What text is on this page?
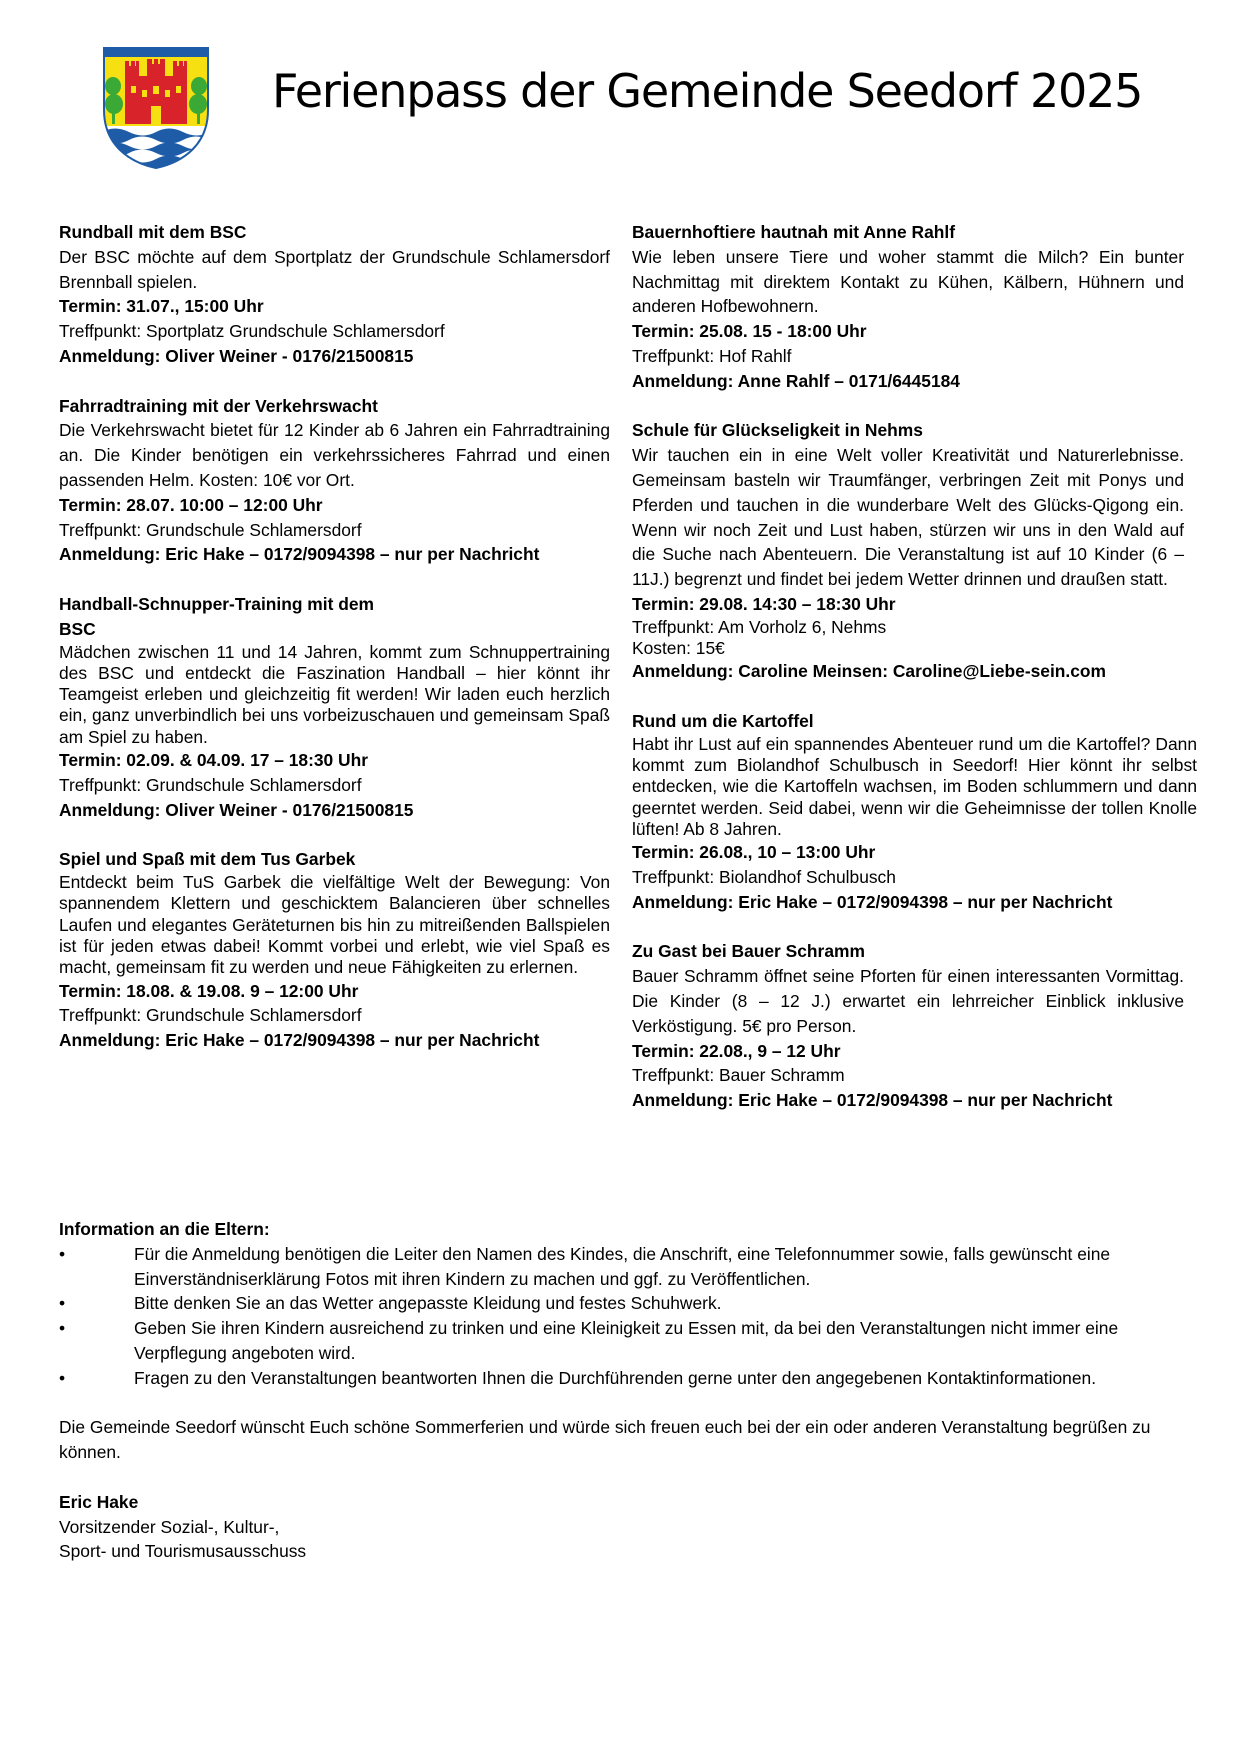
Ferienpass der Gemeinde Seedorf 2025
Rundball mit dem BSC
Der BSC möchte auf dem Sportplatz der Grundschule Schlamersdorf Brennball spielen.
Termin: 31.07., 15:00 Uhr
Treffpunkt: Sportplatz Grundschule Schlamersdorf
Anmeldung: Oliver Weiner - 0176/21500815
Fahrradtraining mit der Verkehrswacht
Die Verkehrswacht bietet für 12 Kinder ab 6 Jahren ein Fahrradtraining an. Die Kinder benötigen ein verkehrssicheres Fahrrad und einen passenden Helm. Kosten: 10€ vor Ort.
Termin: 28.07. 10:00 – 12:00 Uhr
Treffpunkt: Grundschule Schlamersdorf
Anmeldung: Eric Hake – 0172/9094398 – nur per Nachricht
Handball-Schnupper-Training mit dem BSC
Mädchen zwischen 11 und 14 Jahren, kommt zum Schnuppertraining des BSC und entdeckt die Faszination Handball – hier könnt ihr Teamgeist erleben und gleichzeitig fit werden! Wir laden euch herzlich ein, ganz unverbindlich bei uns vorbeizuschauen und gemeinsam Spaß am Spiel zu haben.
Termin: 02.09. & 04.09. 17 – 18:30 Uhr
Treffpunkt: Grundschule Schlamersdorf
Anmeldung: Oliver Weiner - 0176/21500815
Spiel und Spaß mit dem Tus Garbek
Entdeckt beim TuS Garbek die vielfältige Welt der Bewegung: Von spannendem Klettern und geschicktem Balancieren über schnelles Laufen und elegantes Geräteturnen bis hin zu mitreißenden Ballspielen ist für jeden etwas dabei! Kommt vorbei und erlebt, wie viel Spaß es macht, gemeinsam fit zu werden und neue Fähigkeiten zu erlernen.
Termin: 18.08. & 19.08. 9 – 12:00 Uhr
Treffpunkt: Grundschule Schlamersdorf
Anmeldung: Eric Hake – 0172/9094398 – nur per Nachricht
Bauernhoftiere hautnah mit Anne Rahlf
Wie leben unsere Tiere und woher stammt die Milch? Ein bunter Nachmittag mit direktem Kontakt zu Kühen, Kälbern, Hühnern und anderen Hofbewohnern.
Termin: 25.08. 15 - 18:00 Uhr
Treffpunkt: Hof Rahlf
Anmeldung: Anne Rahlf – 0171/6445184
Schule für Glückseligkeit in Nehms
Wir tauchen ein in eine Welt voller Kreativität und Naturerlebnisse. Gemeinsam basteln wir Traumfänger, verbringen Zeit mit Ponys und Pferden und tauchen in die wunderbare Welt des Glücks-Qigong ein. Wenn wir noch Zeit und Lust haben, stürzen wir uns in den Wald auf die Suche nach Abenteuern. Die Veranstaltung ist auf 10 Kinder (6 – 11J.) begrenzt und findet bei jedem Wetter drinnen und draußen statt.
Termin: 29.08. 14:30 – 18:30 Uhr
Treffpunkt: Am Vorholz 6, Nehms
Kosten: 15€
Anmeldung: Caroline Meinsen: Caroline@Liebe-sein.com
Rund um die Kartoffel
Habt ihr Lust auf ein spannendes Abenteuer rund um die Kartoffel? Dann kommt zum Biolandhof Schulbusch in Seedorf! Hier könnt ihr selbst entdecken, wie die Kartoffeln wachsen, im Boden schlummern und dann geerntet werden. Seid dabei, wenn wir die Geheimnisse der tollen Knolle lüften! Ab 8 Jahren.
Termin: 26.08., 10 – 13:00 Uhr
Treffpunkt: Biolandhof Schulbusch
Anmeldung: Eric Hake – 0172/9094398 – nur per Nachricht
Zu Gast bei Bauer Schramm
Bauer Schramm öffnet seine Pforten für einen interessanten Vormittag. Die Kinder (8 – 12 J.) erwartet ein lehrreicher Einblick inklusive Verköstigung. 5€ pro Person.
Termin: 22.08., 9 – 12 Uhr
Treffpunkt: Bauer Schramm
Anmeldung: Eric Hake – 0172/9094398 – nur per Nachricht
Information an die Eltern:
•	Für die Anmeldung benötigen die Leiter den Namen des Kindes, die Anschrift, eine Telefonnummer sowie, falls gewünscht eine Einverständniserklärung Fotos mit ihren Kindern zu machen und ggf. zu Veröffentlichen.
•	Bitte denken Sie an das Wetter angepasste Kleidung und festes Schuhwerk.
•	Geben Sie ihren Kindern ausreichend zu trinken und eine Kleinigkeit zu Essen mit, da bei den Veranstaltungen nicht immer eine Verpflegung angeboten wird.
•	Fragen zu den Veranstaltungen beantworten Ihnen die Durchführenden gerne unter den angegebenen Kontaktinformationen.
Die Gemeinde Seedorf wünscht Euch schöne Sommerferien und würde sich freuen euch bei der ein oder anderen Veranstaltung begrüßen zu können.
Eric Hake
Vorsitzender Sozial-, Kultur-,
Sport- und Tourismusausschuss
